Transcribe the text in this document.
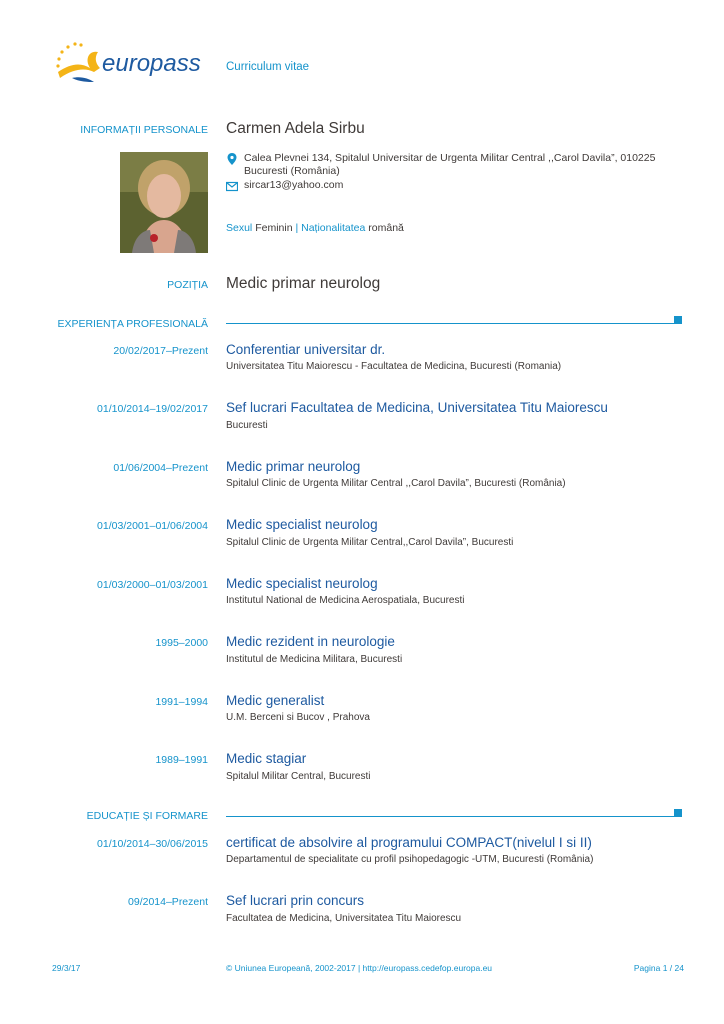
europass Curriculum vitae
INFORMAȚII PERSONALE Carmen Adela Sirbu
Calea Plevnei 134, Spitalul Universitar de Urgenta Militar Central ,,Carol Davila”, 010225 Bucuresti (România)
sircar13@yahoo.com
Sexul Feminin | Naționalitatea română
POZIȚIA Medic primar neurolog
EXPERIENȚA PROFESIONALĂ
20/02/2017–Prezent Conferentiar universitar dr.
Universitatea Titu Maiorescu - Facultatea de Medicina, Bucuresti (Romania)
01/10/2014–19/02/2017 Sef lucrari Facultatea de Medicina, Universitatea Titu Maiorescu
Bucuresti
01/06/2004–Prezent Medic primar neurolog
Spitalul Clinic de Urgenta Militar Central ,,Carol Davila”, Bucuresti (România)
01/03/2001–01/06/2004 Medic specialist neurolog
Spitalul Clinic de Urgenta Militar Central,,Carol Davila”, Bucuresti
01/03/2000–01/03/2001 Medic specialist neurolog
Institutul National de Medicina Aerospatiala, Bucuresti
1995–2000 Medic rezident in neurologie
Institutul de Medicina Militara, Bucuresti
1991–1994 Medic generalist
U.M. Berceni si Bucov , Prahova
1989–1991 Medic stagiar
Spitalul Militar Central, Bucuresti
EDUCAȚIE ȘI FORMARE
01/10/2014–30/06/2015 certificat de absolvire al programului COMPACT(nivelul I si II)
Departamentul de specialitate cu profil psihopedagogic -UTM, Bucuresti (România)
09/2014–Prezent Sef lucrari prin concurs
Facultatea de Medicina, Universitatea Titu Maiorescu
29/3/17	© Uniunea Europeană, 2002-2017 | http://europass.cedefop.europa.eu	Pagina 1 / 24
